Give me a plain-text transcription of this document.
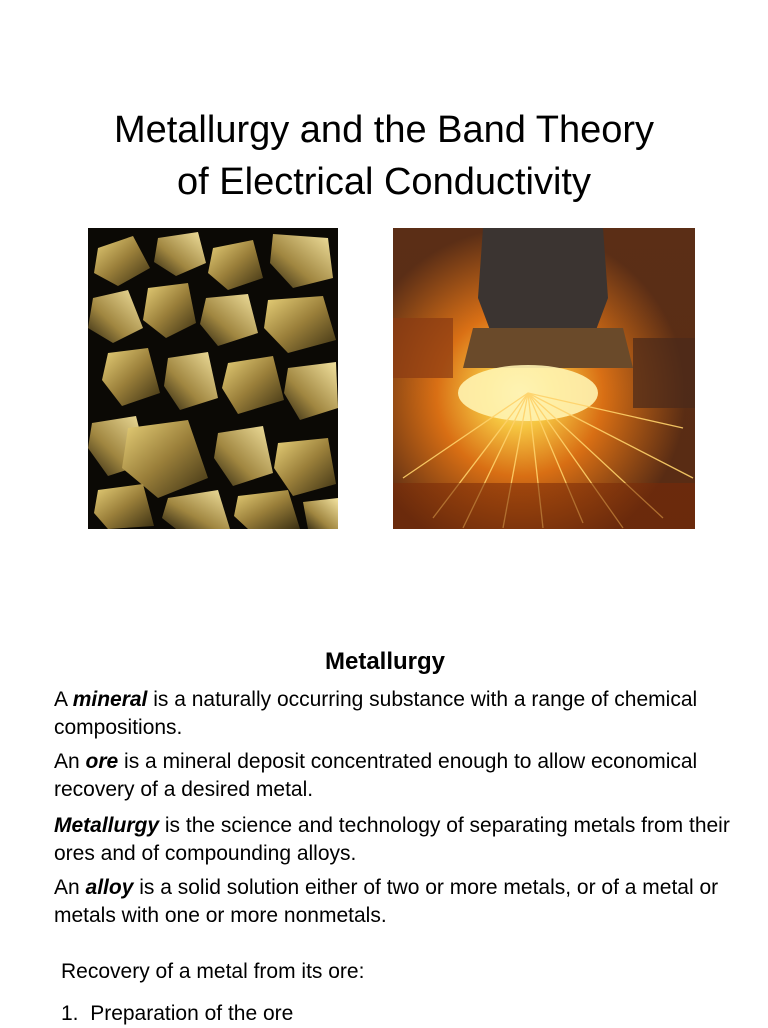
Metallurgy and the Band Theory
of Electrical Conductivity
Metallurgy
A mineral is a naturally occurring substance with a range of chemical compositions.
An ore is a mineral deposit concentrated enough to allow economical recovery of a desired metal.
Metallurgy is the science and technology of separating metals from their ores and of compounding alloys.
An alloy is a solid solution either of two or more metals, or of a metal or metals with one or more nonmetals.
Recovery of a metal from its ore:
1. Preparation of the ore
